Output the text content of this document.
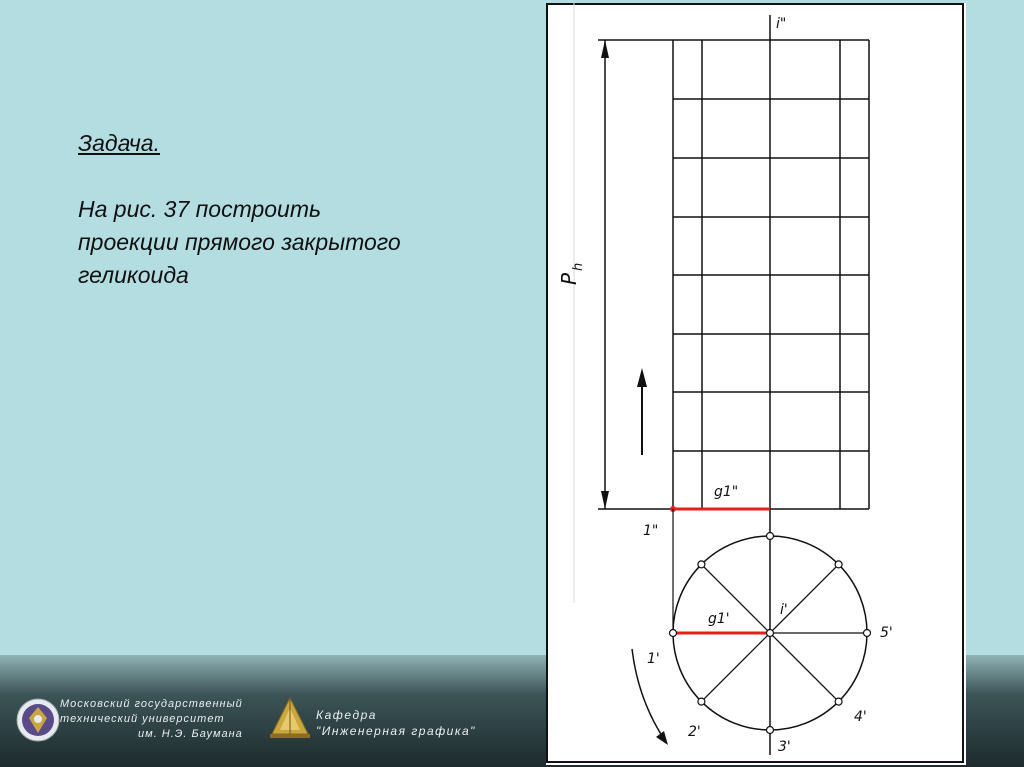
Задача.

На рис. 37 построить проекции прямого закрытого геликоида

i"
i'
P
h
g1"
g1'
1"
1'
2'
3'
4'
5'
Московский государственный
технический университет
им. Н.Э. Баумана
Кафедра
"Инженерная графика"
